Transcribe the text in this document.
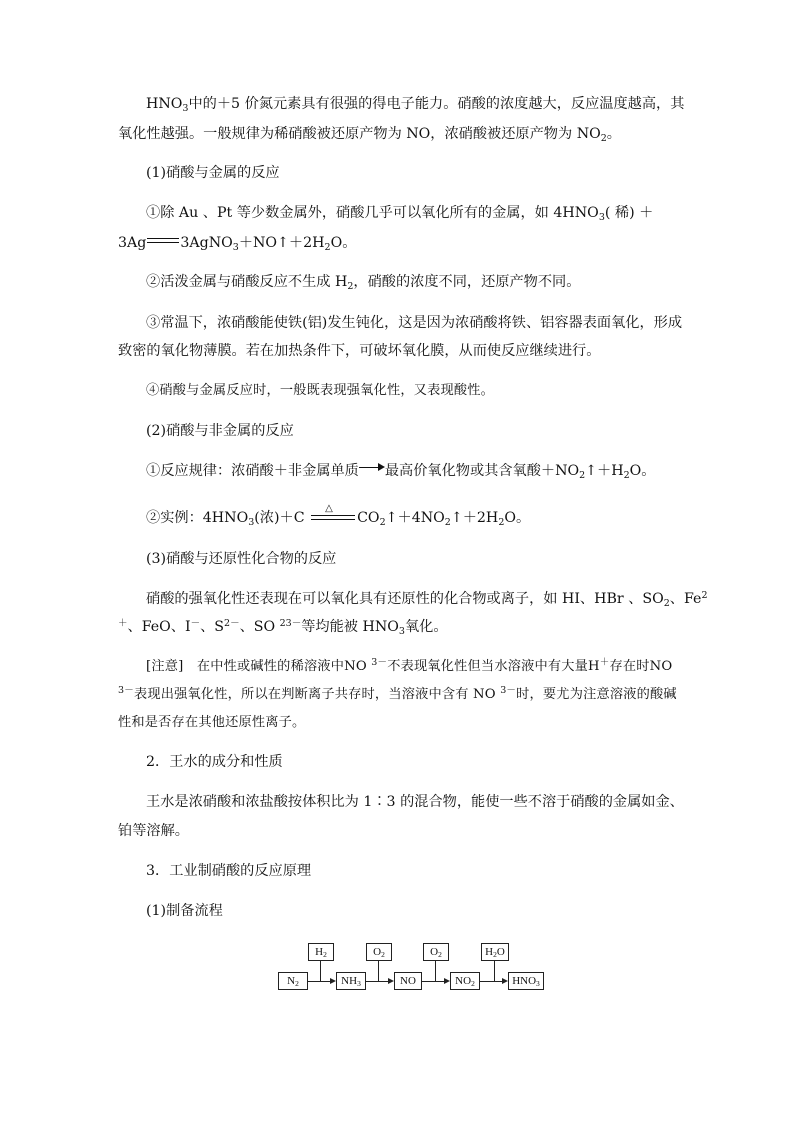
$HNO_3$中的＋5 价氮元素具有很强的得电子能力。硝酸的浓度越大，反应温度越高，其
氧化性越强。一般规律为稀硝酸被还原产物为 NO，浓硝酸被还原产物为 $NO_2$。
(1)硝酸与金属的反应
①除 Au 、Pt 等少数金属外，硝酸几乎可以氧化所有的金属，如 $4HNO_3$( 稀) ＋
3Ag $3AgNO_3+NO↑+2H_2O$。
②活泼金属与硝酸反应不生成 $H_2$，硝酸的浓度不同，还原产物不同。
③常温下，浓硝酸能使铁(铝)发生钝化，这是因为浓硝酸将铁、铝容器表面氧化，形成
致密的氧化物薄膜。若在加热条件下，可破坏氧化膜，从而使反应继续进行。
④硝酸与金属反应时，一般既表现强氧化性，又表现酸性。
(2)硝酸与非金属的反应
①反应规律：浓硝酸＋非金属单质 最高价氧化物或其含氧酸$+NO_2↑+H_2O$。
②实例：$4HNO_3$(浓)＋C
△
$CO_2↑+4NO_2↑+2H_2O$。
(3)硝酸与还原性化合物的反应
硝酸的强氧化性还表现在可以氧化具有还原性的化合物或离子，如 HI、HBr 、$SO_2$、Fe$^2$
＋、FeO、I－、$S^{2-}$、SO $^{23-}$等均能被 $HNO_3$氧化。
[注意]　在中性或碱性的稀溶液中NO $^{3-}$不表现氧化性但当水溶液中有大量H＋存在时NO
$^{3-}$表现出强氧化性，所以在判断离子共存时，当溶液中含有 NO $^{3-}$时，要尤为注意溶液的酸碱
性和是否存在其他还原性离子。
2．王水的成分和性质
王水是浓硝酸和浓盐酸按体积比为 1∶3 的混合物，能使一些不溶于硝酸的金属如金、
铂等溶解。
3．工业制硝酸的反应原理
(1)制备流程
$N_2$	$NH_3$	NO	$NO_2$	$HNO_3$
$H_2$	$O_2$	$O_2$	$H_2O$
